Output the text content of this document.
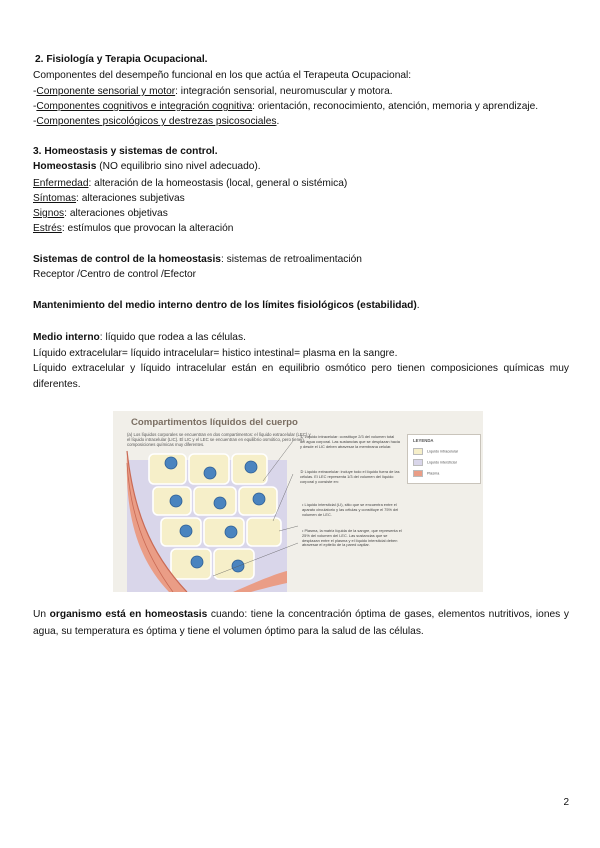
2. Fisiología y Terapia Ocupacional.
Componentes del desempeño funcional en los que actúa el Terapeuta Ocupacional:
-Componente sensorial y motor: integración sensorial, neuromuscular y motora.
-Componentes cognitivos e integración cognitiva: orientación, reconocimiento, atención, memoria y aprendizaje.
-Componentes psicológicos y destrezas psicosociales.
3. Homeostasis y sistemas de control.
Homeostasis (NO equilibrio sino nivel adecuado).
Enfermedad: alteración de la homeostasis (local, general o sistémica)
Síntomas: alteraciones subjetivas
Signos: alteraciones objetivas
Estrés: estímulos que provocan la alteración
Sistemas de control de la homeostasis: sistemas de retroalimentación
Receptor /Centro de control /Efector
Mantenimiento del medio interno dentro de los límites fisiológicos (estabilidad).
Medio interno: líquido que rodea a las células.
Líquido extracelular= líquido intracelular= histico intestinal= plasma en la sangre.
Líquido extracelular y líquido intracelular están en equilibrio osmótico pero tienen composiciones químicas muy
diferentes.
Compartimentos líquidos del cuerpo
(a) Los líquidos corporales se encuentran en dos compartimentos: el líquido extracelular (LEC) y el líquido intracelular (LIC). El LIC y el LEC se encuentran en equilibrio osmótico, pero tienen composiciones químicas muy diferentes.
① Líquido intracelular: constituye 2/3 del volumen total del agua corporal. Las sustancias que se desplazan hacia y desde el LIC deben atravesar la membrana celular.
② Líquido extracelular: incluye todo el líquido fuera de las células. El LEC representa 1/3 del volumen del líquido corporal y consiste en:
• Líquido intersticial (LI), sitio que se encuentra entre el aparato circulatorio y las células y constituye el 75% del volumen de LEC.
• Plasma, la matriz líquida de la sangre, que representa el 25% del volumen del LEC. Las sustancias que se desplazan entre el plasma y el líquido intersticial deben atravesar el epitelio de la pared capilar.
LEYENDA
Líquido intracelular
Líquido intersticial
Plasma
Un organismo está en homeostasis cuando: tiene la concentración óptima de gases, elementos nutritivos, iones y
agua, su temperatura es óptima y tiene el volumen óptimo para la salud de las células.
2
